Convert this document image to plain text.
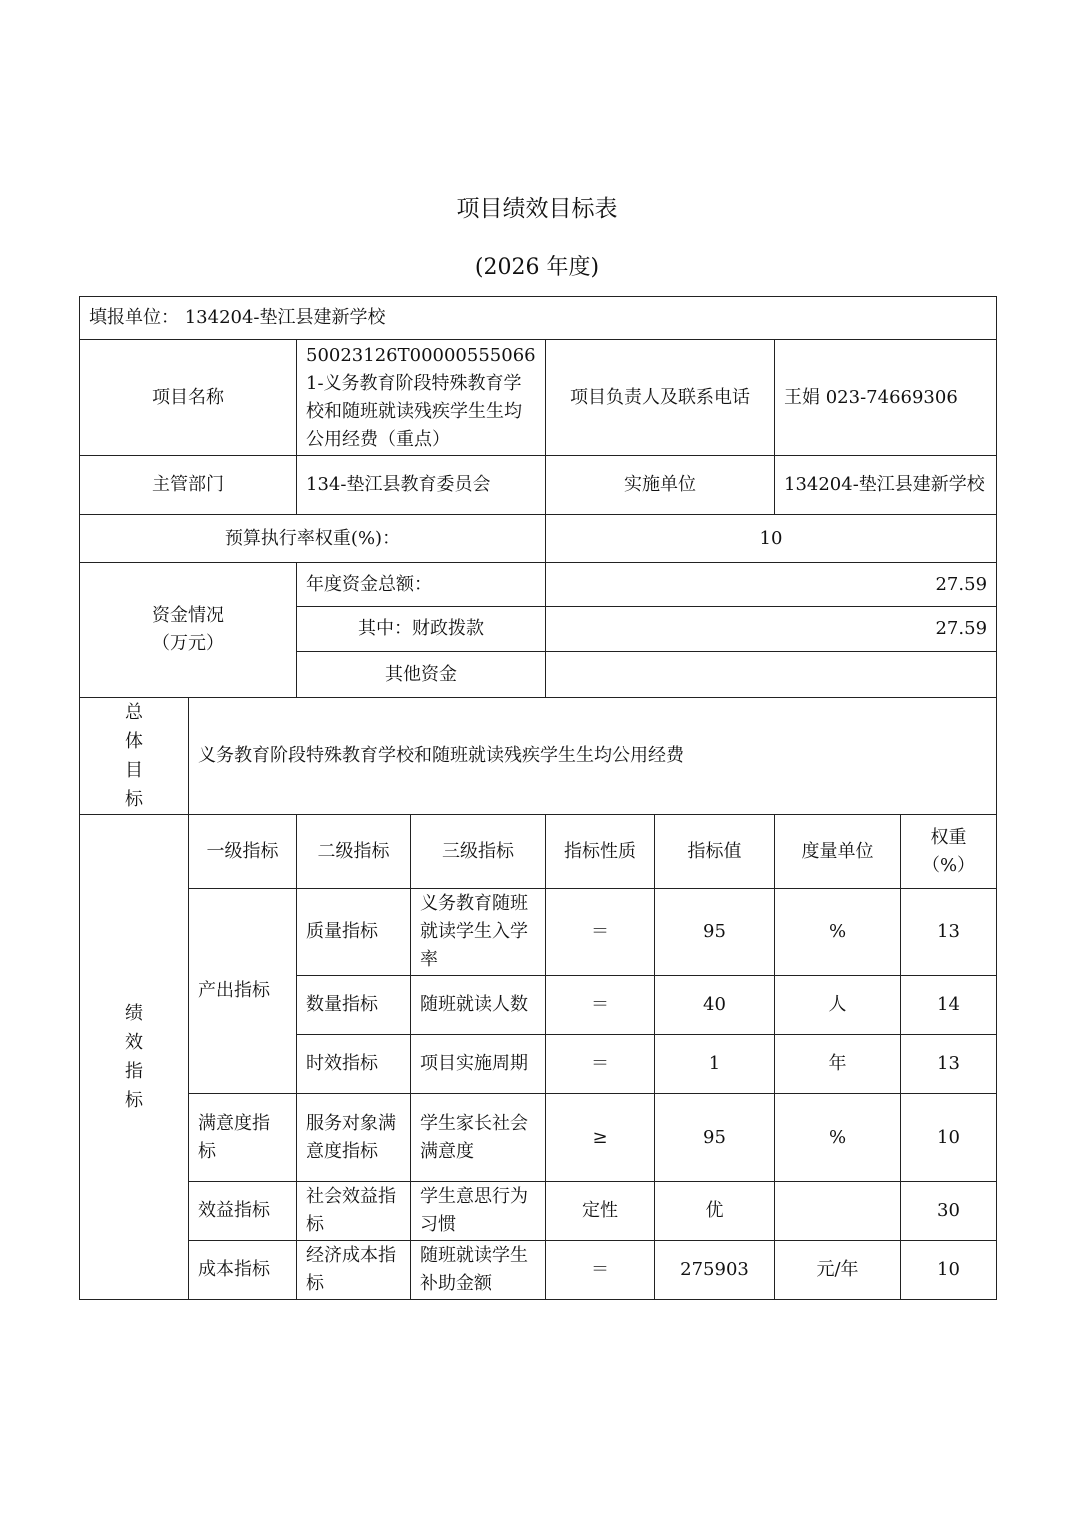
项目绩效目标表
(2026 年度)
填报单位： 134204-垫江县建新学校							
项目名称		50023126T000005550661-义务教育阶段特殊教育学校和随班就读残疾学生生均公用经费（重点）		项目负责人及联系电话		王娟 023-74669306	
主管部门		134-垫江县教育委员会		实施单位		134204-垫江县建新学校	
预算执行率权重(%)：				10			

资金情况
（万元）		年度资金总额：		27.59			
		其中：财政拨款		27.59			
		其他资金					

总
体
目
标	义务教育阶段特殊教育学校和随班就读残疾学生生均公用经费						

绩
效
指
标	一级指标	二级指标	三级指标	指标性质	指标值	度量单位	权重（%）
	产出指标	质量指标	义务教育随班就读学生入学率	＝	95	%	13
		数量指标	随班就读人数	＝	40	人	14
		时效指标	项目实施周期	＝	1	年	13
	满意度指标	服务对象满意度指标	学生家长社会满意度	≥	95	%	10
	效益指标	社会效益指标	学生意思行为习惯	定性	优		30
	成本指标	经济成本指标	随班就读学生补助金额	＝	275903	元/年	10
